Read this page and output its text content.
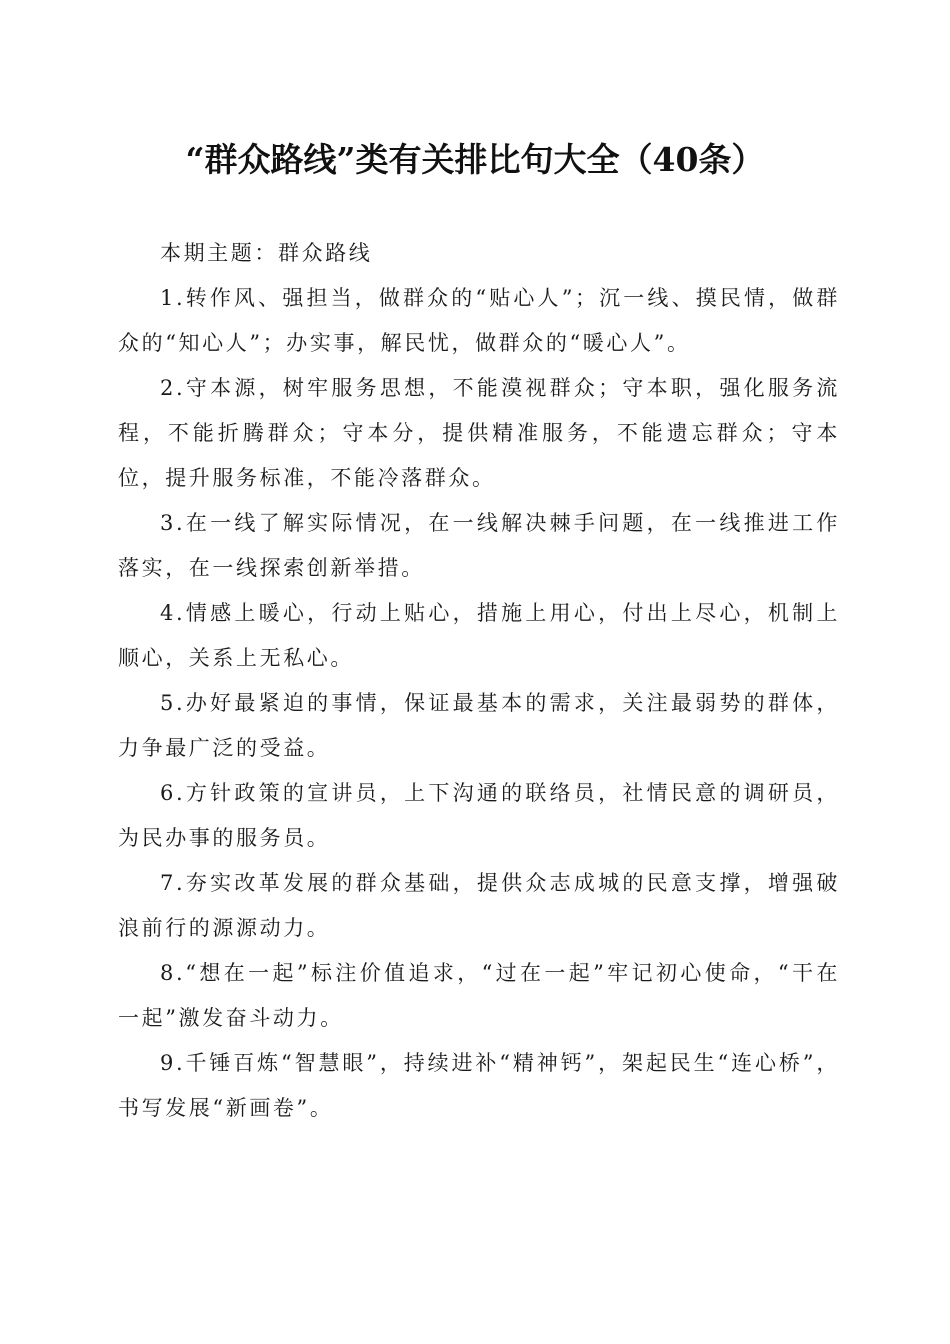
“群众路线”类有关排比句大全（40条）

本期主题：群众路线

1.转作风、强担当，做群众的“贴心人”；沉一线、摸民情，做群众的“知心人”；办实事，解民忧，做群众的“暖心人”。

2.守本源，树牢服务思想，不能漠视群众；守本职，强化服务流程，不能折腾群众；守本分，提供精准服务，不能遗忘群众；守本位，提升服务标准，不能冷落群众。

3.在一线了解实际情况，在一线解决棘手问题，在一线推进工作落实，在一线探索创新举措。

4.情感上暖心，行动上贴心，措施上用心，付出上尽心，机制上顺心，关系上无私心。

5.办好最紧迫的事情，保证最基本的需求，关注最弱势的群体，力争最广泛的受益。

6.方针政策的宣讲员，上下沟通的联络员，社情民意的调研员，为民办事的服务员。

7.夯实改革发展的群众基础，提供众志成城的民意支撑，增强破浪前行的源源动力。

8.“想在一起”标注价值追求，“过在一起”牢记初心使命，“干在一起”激发奋斗动力。

9.千锤百炼“智慧眼”，持续进补“精神钙”，架起民生“连心桥”，书写发展“新画卷”。
